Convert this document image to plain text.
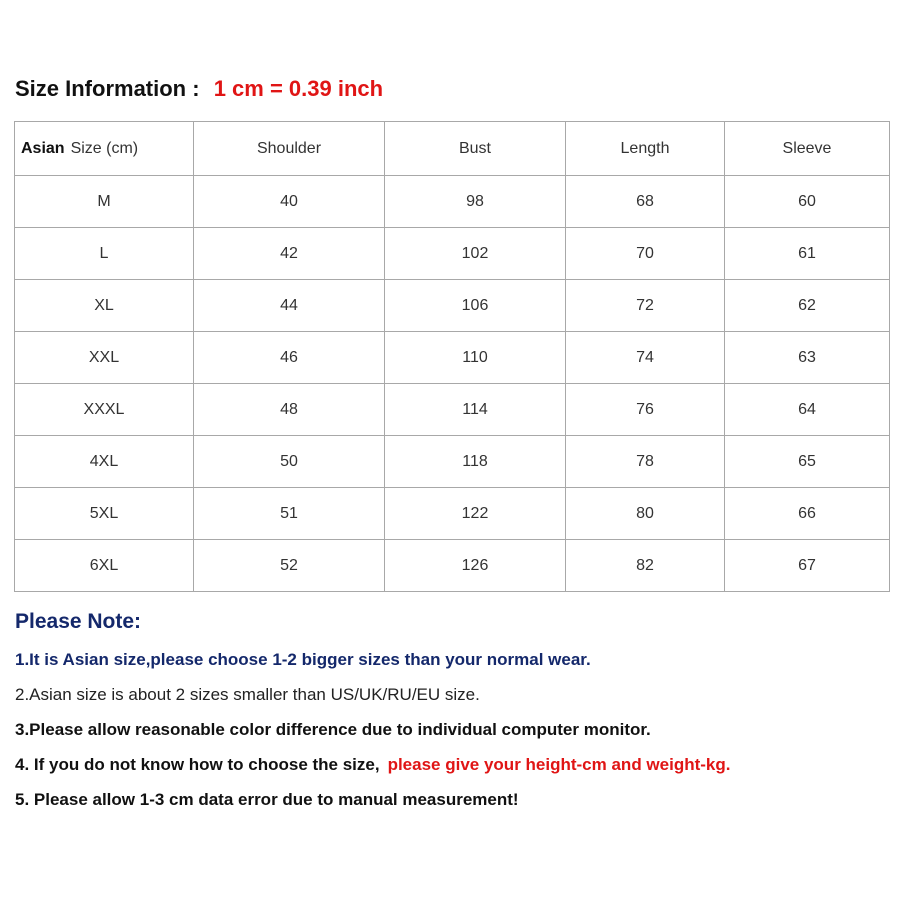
Size Information : 1 cm = 0.39 inch
Asian Size (cm)	Shoulder	Bust	Length	Sleeve
M	40	98	68	60
L	42	102	70	61
XL	44	106	72	62
XXL	46	110	74	63
XXXL	48	114	76	64
4XL	50	118	78	65
5XL	51	122	80	66
6XL	52	126	82	67
Please Note:
1.It is Asian size,please choose 1-2 bigger sizes than your normal wear.
2.Asian size is about 2 sizes smaller than US/UK/RU/EU size.
3.Please allow reasonable color difference due to individual computer monitor.
4. If you do not know how to choose the size, please give your height-cm and weight-kg.
5. Please allow 1-3 cm data error due to manual measurement!
